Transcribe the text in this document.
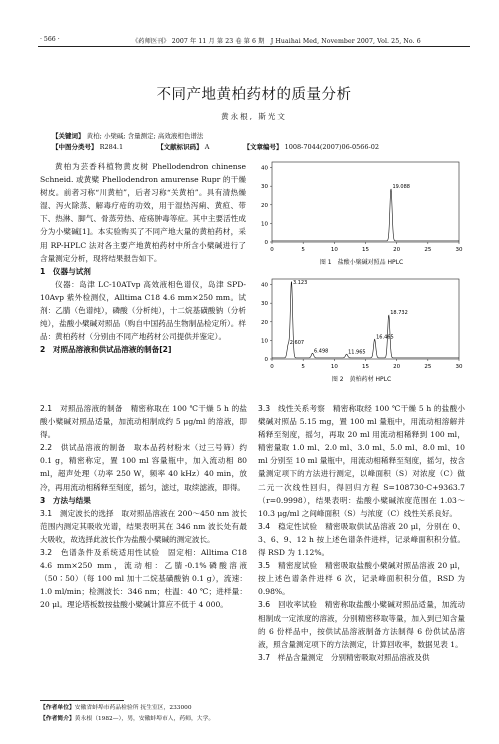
· 566 ·	《药师医刊》 2007 年 11 月 第 23 卷 第 6 期　J Huaihai Med, November 2007, Vol. 25, No. 6
不同产地黄柏药材的质量分析
黄永根, 斯光文
【关键词】 黄柏; 小檗碱; 含量测定; 高效液相色谱法
【中图分类号】 R284.1	【文献标识码】 A	【文章编号】 1008-7044(2007)06-0566-02

黄柏为芸香科植物黄皮树 Phellodendron chinense Schneid. 或黄檗 Phellodendron amurense Rupr 的干燥树皮。前者习称“川黄柏”，后者习称“关黄柏”。具有清热燥湿、泻火除蒸、解毒疗疮的功效，用于湿热泻痢、黄疸、带下、热淋、脚气、骨蒸劳热、疮疡肿毒等症。其中主要活性成分为小檗碱[1]。本实验购买了不同产地大量的黄柏药材，采用 RP-HPLC 法对各主要产地黄柏药材中所含小檗碱进行了含量测定分析，现将结果报告如下。

1　仪器与试剂

仪器：岛津 LC-10ATvp 高效液相色谱仪，岛津 SPD-10Avp 紫外检测仪，Alltima C18 4.6 mm×250 mm。试剂：乙腈（色谱纯），磷酸（分析纯），十二烷基磺酸钠（分析纯），盐酸小檗碱对照品（购自中国药品生物制品检定所）。样品：黄柏药材（分别由不同产地药材公司提供并鉴定）。

2　对照品溶液和供试品溶液的制备[2]

2.1　对照品溶液的制备　 精密称取在 100 ℃干燥 5 h 的盐酸小檗碱对照品适量，加流动相制成约 5 μg/ml 的溶液，即得。

2.2　供试品溶液的制备　 取本品药材粉末（过三号筛）约 0.1 g，精密称定，置 100 ml 容量瓶中，加入流动相 80 ml，超声处理（功率 250 W，频率 40 kHz）40 min，放冷，再用流动相稀释至刻度，摇匀，滤过，取续滤液，即得。

3　方法与结果

3.1　测定波长的选择　 取对照品溶液在 200～450 nm 波长范围内测定其吸收光谱，结果表明其在 346 nm 波长处有最大吸收，故选择此波长作为盐酸小檗碱的测定波长。

3.2　色谱条件及系统适用性试验　 固定相：Alltima C18 4.6 mm×250 mm，流动相：乙腈-0.1%磷酸溶液（50∶50）（每 100 ml 加十二烷基磺酸钠 0.1 g），流速：1.0 ml/min；检测波长：346 nm；柱温：40 ℃；进样量：20 μl。理论塔板数按盐酸小檗碱计算应不低于 4 000。

3.3　线性关系考察　 精密称取经 100 ℃干燥 5 h 的盐酸小檗碱对照品 5.15 mg，置 100 ml 量瓶中，用流动相溶解并稀释至刻度，摇匀，再取 20 ml 用流动相稀释到 100 ml，精密量取 1.0 ml、2.0 ml、3.0 ml、5.0 ml、8.0 ml、10 ml 分别至 10 ml 量瓶中，用流动相稀释至刻度，摇匀，按含量测定项下的方法进行测定，以峰面积（S）对浓度（C）做二元一次线性回归，得回归方程 S=108730·C+9363.7（r=0.9998），结果表明：盐酸小檗碱浓度范围在 1.03～10.3 μg/ml 之间峰面积（S）与浓度（C）线性关系良好。

3.4　稳定性试验　 精密吸取供试品溶液 20 μl，分别在 0、3、6、9、12 h 按上述色谱条件进样，记录峰面积积分值。得 RSD 为 1.12%。

3.5　精密度试验　 精密吸取盐酸小檗碱对照品溶液 20 μl，按上述色谱条件进样 6 次，记录峰面积积分值，RSD 为 0.98%。

3.6　回收率试验　 精密称取盐酸小檗碱对照品适量，加流动相制成一定浓度的溶液，分别精密移取等量，加入到已知含量的 6 份样品中，按供试品溶液制备方法制得 6 份供试品溶液，照含量测定项下的方法测定，计算回收率，数据见表 1。

3.7　样品含量测定　 分别精密吸取对照品溶液及供

40
30
20
10
0
0	5	10	15	20	25	30
19.088
图 1　盐酸小檗碱对照品 HPLC
40
30
20
10
0
0	5	10	15	20	25	30
3.123
2.607
6.498	11.965
16.465
18.732
图 2　黄柏药材 HPLC
【作者单位】安徽省蚌埠市药品检验所 抚生室区，233000
【作者简介】黄永根（1982—），男，安徽蚌埠市人，药师，大学。
